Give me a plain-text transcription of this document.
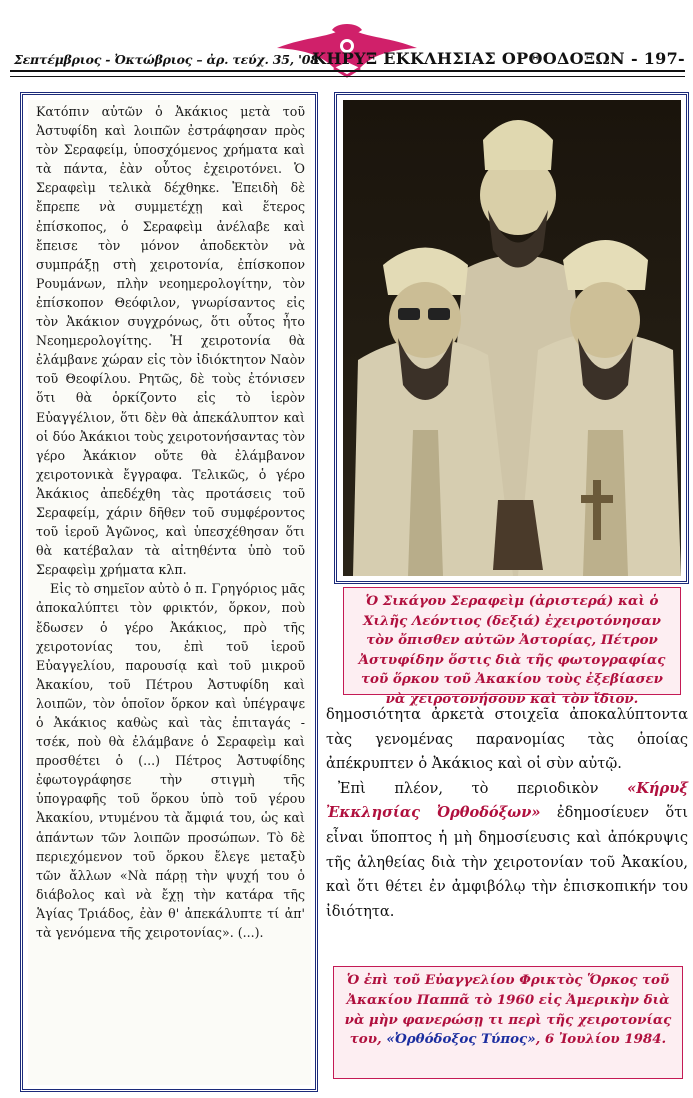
Σεπτέμβριος - Ὀκτώβριος – ἀρ. τεύχ. 35, '08
ΚΗΡΥΞ ΕΚΚΛΗΣΙΑΣ ΟΡΘΟΔΟΞΩΝ - 197-

Κατόπιν αὐτῶν ὁ Ἀκάκιος μετὰ τοῦ Ἀστυφίδη καὶ λοιπῶν ἐστράφησαν πρὸς τὸν Σεραφείμ, ὑποσχόμενος χρήματα καὶ τὰ πάντα, ἐὰν οὗτος ἐχειροτόνει. Ὁ Σεραφεὶμ τελικὰ δέχθηκε. Ἐπειδὴ δὲ ἔπρεπε νὰ συμμετέχῃ καὶ ἕτερος ἐπίσκοπος, ὁ Σεραφεὶμ ἀνέλαβε καὶ ἔπεισε τὸν μόνον ἀποδεκτὸν νὰ συμπράξῃ στὴ χειροτονία, ἐπίσκοπον Ρουμάνων, πλὴν νεοημερολογίτην, τὸν ἐπίσκοπον Θεόφιλον, γνωρίσαντος εἰς τὸν Ἀκάκιον συγχρόνως, ὅτι οὗτος ἦτο Νεοημερολογίτης. Ἡ χειροτονία θὰ ἐλάμβανε χώραν εἰς τὸν ἰδιόκτητον Ναὸν τοῦ Θεοφίλου. Ρητῶς, δὲ τοὺς ἐτόνισεν ὅτι θὰ ὁρκίζοντο εἰς τὸ ἱερὸν Εὐαγγέλιον, ὅτι δὲν θὰ ἀπεκάλυπτον καὶ οἱ δύο Ἀκάκιοι τοὺς χειροτονήσαντας τὸν γέρο Ἀκάκιον οὔτε θὰ ἐλάμβανον χειροτονικὰ ἔγγραφα. Τελικῶς, ὁ γέρο Ἀκάκιος ἀπεδέχθη τὰς προτάσεις τοῦ Σεραφείμ, χάριν δῆθεν τοῦ συμφέροντος τοῦ ἱεροῦ Ἀγῶνος, καὶ ὑπεσχέθησαν ὅτι θὰ κατέβαλαν τὰ αἰτηθέντα ὑπὸ τοῦ Σεραφεὶμ χρήματα κλπ.

Εἰς τὸ σημεῖον αὐτὸ ὁ π. Γρηγόριος μᾶς ἀποκαλύπτει τὸν φρικτόν, ὅρκον, ποὺ ἔδωσεν ὁ γέρο Ἀκάκιος, πρὸ τῆς χειροτονίας του, ἐπὶ τοῦ ἱεροῦ Εὐαγγελίου, παρουσίᾳ καὶ τοῦ μικροῦ Ἀκακίου, τοῦ Πέτρου Ἀστυφίδη καὶ λοιπῶν, τὸν ὁποῖον ὅρκον καὶ ὑπέγραψε ὁ Ἀκάκιος καθὼς καὶ τὰς ἐπιταγάς - τσέκ, ποὺ θὰ ἐλάμβανε ὁ Σεραφεὶμ καὶ προσθέτει ὁ (...) Πέτρος Ἀστυφίδης ἐφωτογράφησε τὴν στιγμὴ τῆς ὑπογραφῆς τοῦ ὅρκου ὑπὸ τοῦ γέρου Ἀκακίου, ντυμένου τὰ ἄμφιά του, ὡς καὶ ἁπάντων τῶν λοιπῶν προσώπων. Τὸ δὲ περιεχόμενον τοῦ ὅρκου ἔλεγε μεταξὺ τῶν ἄλλων «Νὰ πάρῃ τὴν ψυχή του ὁ διάβολος καὶ νὰ ἔχῃ τὴν κατάρα τῆς Ἁγίας Τριάδος, ἐὰν θ' ἀπεκάλυπτε τί ἀπ' τὰ γενόμενα τῆς χειροτονίας». (...).

Ὁ Σικάγου Σεραφεὶμ (ἀριστερά) καὶ ὁ Χιλῆς Λεόντιος (δεξιά) ἐχειροτόνησαν τὸν ὄπισθεν αὐτῶν Ἀστορίας, Πέτρον Ἀστυφίδην ὅστις διὰ τῆς φωτογραφίας τοῦ ὅρκου τοῦ Ἀκακίου τοὺς ἐξεβίασεν νὰ χειροτονήσουν καὶ τὸν ἴδιον.

δημοσιότητα ἀρκετὰ στοιχεῖα ἀποκαλύπτοντα τὰς γενομένας παρανομίας τὰς ὁποίας ἀπέκρυπτεν ὁ Ἀκάκιος καὶ οἱ σὺν αὐτῷ.

Ἐπὶ πλέον, τὸ περιοδικὸν «Κήρυξ Ἐκκλησίας Ὀρθοδόξων» ἐδημοσίευεν ὅτι εἶναι ὕποπτος ἡ μὴ δημοσίευσις καὶ ἀπόκρυψις τῆς ἀληθείας διὰ τὴν χειροτονίαν τοῦ Ἀκακίου, καὶ ὅτι θέτει ἐν ἀμφιβόλῳ τὴν ἐπισκοπικήν του ἰδιότητα.

Ὁ ἐπὶ τοῦ Εὐαγγελίου Φρικτὸς Ὅρκος τοῦ Ἀκακίου Παππᾶ τὸ 1960 εἰς Ἀμερικὴν διὰ νὰ μὴν φανερώσῃ τι περὶ τῆς χειροτονίας του, «Ὀρθόδοξος Τύπος», 6 Ἰουλίου 1984.
